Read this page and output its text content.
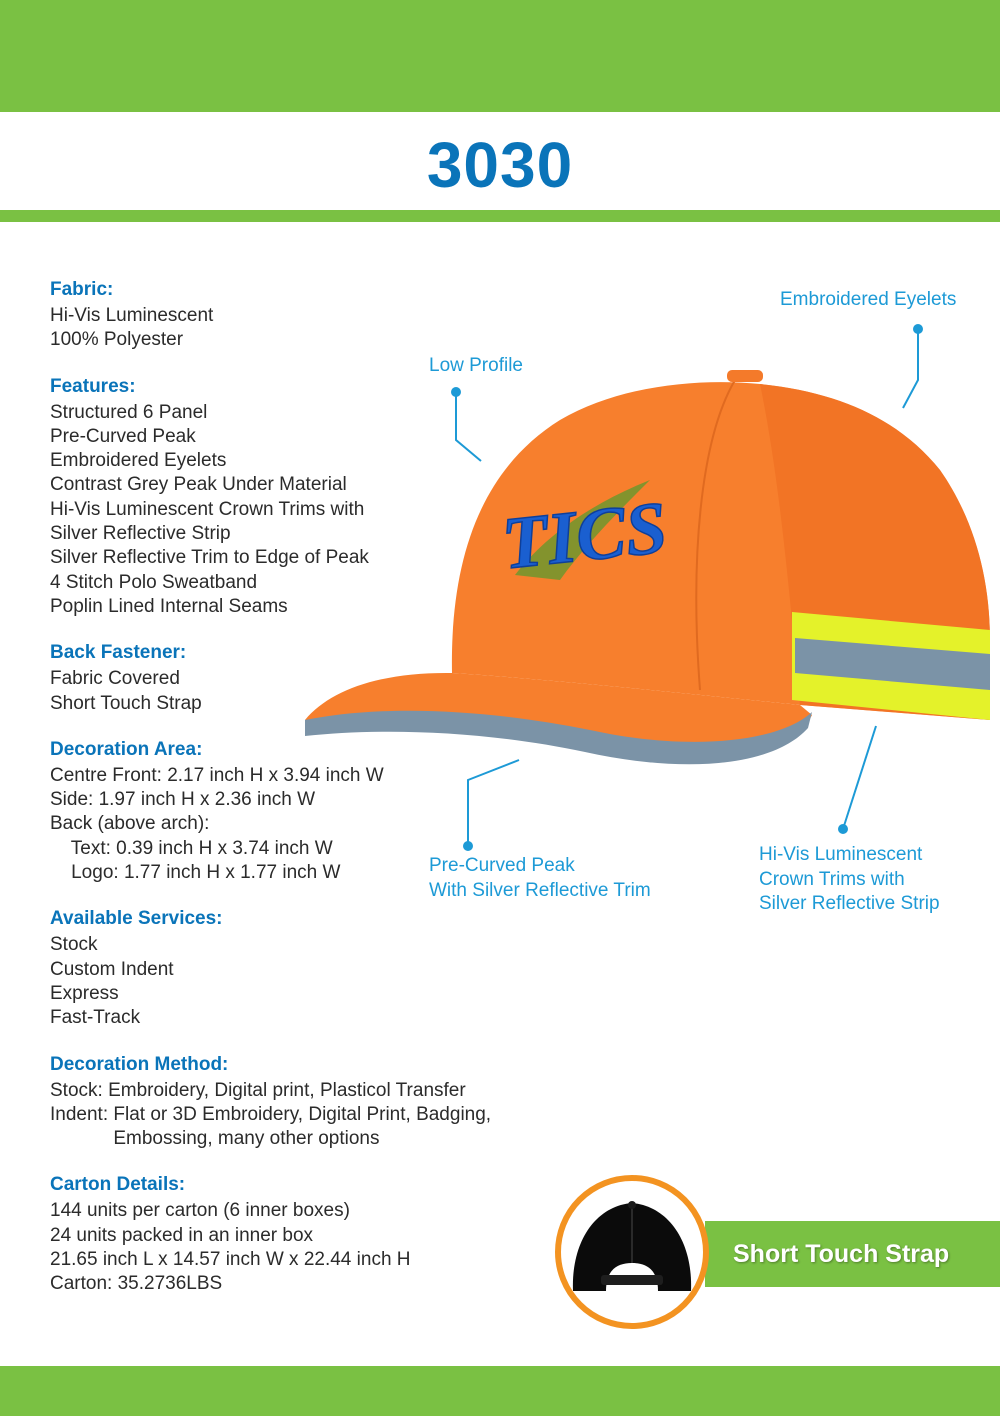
3030
Fabric:
Hi-Vis Luminescent
100% Polyester
Features:
Structured 6 Panel
Pre-Curved Peak
Embroidered Eyelets
Contrast Grey Peak Under Material
Hi-Vis Luminescent Crown Trims with
Silver Reflective Strip
Silver Reflective Trim to Edge of Peak
4 Stitch Polo Sweatband
Poplin Lined Internal Seams
Back Fastener:
Fabric Covered
Short Touch Strap
Decoration Area:
Centre Front: 2.17 inch H x 3.94 inch W
Side: 1.97 inch H x 2.36 inch W
Back (above arch):
Text: 0.39 inch H x 3.74 inch W
Logo: 1.77 inch H x 1.77 inch W
Available Services:
Stock
Custom Indent
Express
Fast-Track
Decoration Method:
Stock: Embroidery, Digital print, Plasticol Transfer
Indent: Flat or 3D Embroidery, Digital Print, Badging,
Embossing, many other options
Carton Details:
144 units per carton (6 inner boxes)
24 units packed in an inner box
21.65 inch L x 14.57 inch W x 22.44 inch H
Carton: 35.2736LBS
TICS
Embroidered Eyelets
Low Profile
Pre-Curved Peak
With Silver Reflective Trim
Hi-Vis Luminescent
Crown Trims with
Silver Reflective Strip
Short Touch Strap
